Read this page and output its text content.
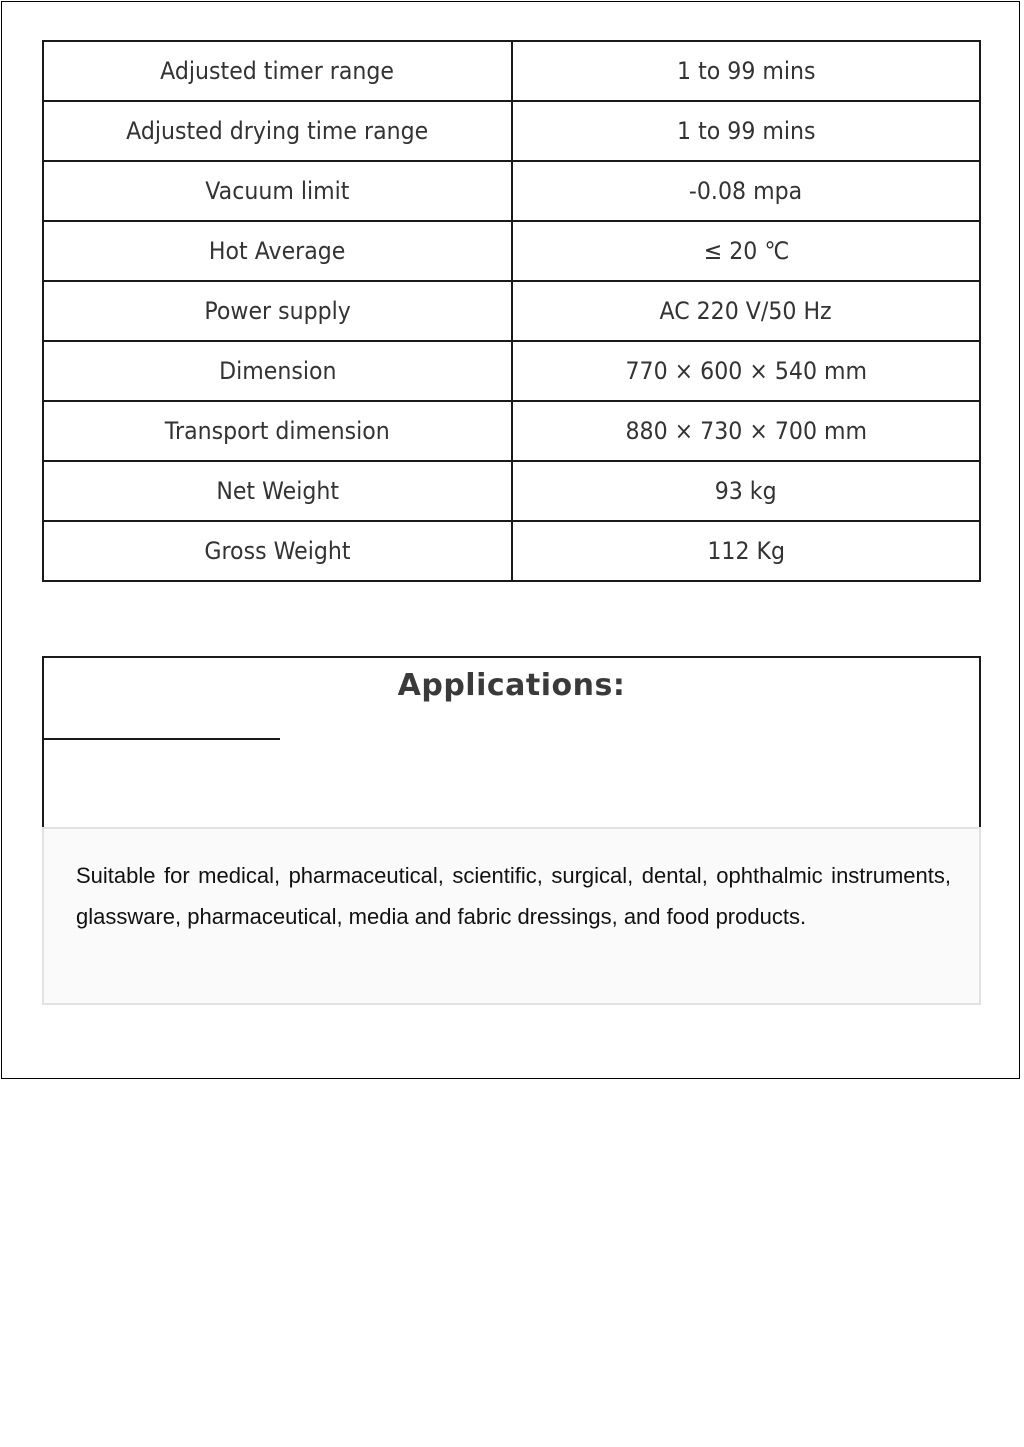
Adjusted timer range	1 to 99 mins
Adjusted drying time range	1 to 99 mins
Vacuum limit	-0.08 mpa
Hot Average	≤ 20 ℃
Power supply	AC 220 V/50 Hz
Dimension	770 × 600 × 540 mm
Transport dimension	880 × 730 × 700 mm
Net Weight	93 kg
Gross Weight	112 Kg
Applications:

Suitable for medical, pharmaceutical, scientific, surgical, dental, ophthalmic instruments, glassware, pharmaceutical, media and fabric dressings, and food products.
